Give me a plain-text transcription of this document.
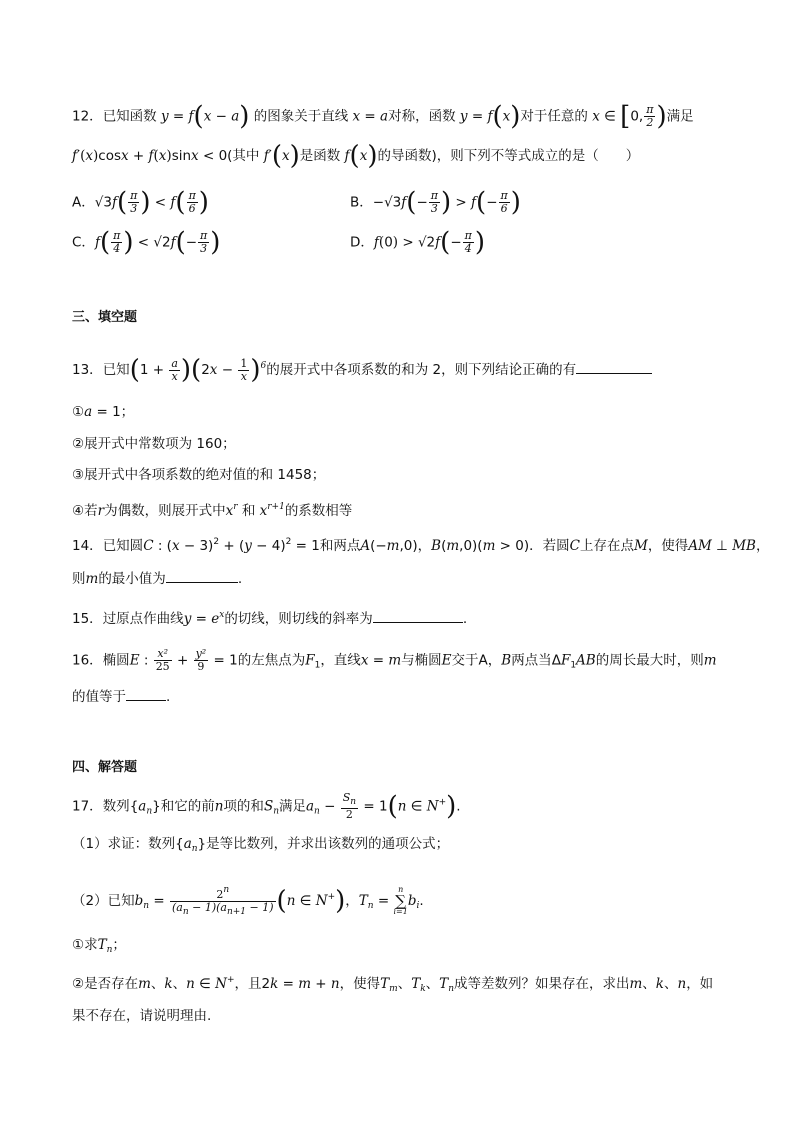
12．已知函数 y = f(x − a) 的图象关于直线 x = a对称，函数 y = f(x)对于任意的 x ∈ [0, $\frac{\pi}{2}$ )满足
f′(x)cosx + f(x)sinx < 0(其中 f′(x)是函数 f(x)的导函数)，则下列不等式成立的是（　　）
A．$√3f( \frac{\pi}{3}$ ) < $f( \frac{\pi}{6}$ )	B．$-√3f(- \frac{\pi}{3}$ ) > $f(- \frac{\pi}{6}$ )
C．$f( \frac{\pi}{4}$ ) < $√2f(- \frac{\pi}{3}$ )	D．$f(0) > √2f(- \frac{\pi}{4}$ )
三、填空题
13．已知$(1 + \frac{a}{x} )(2x - \frac{1}{x} )^6$的展开式中各项系数的和为 2，则下列结论正确的有
①a = 1；
②展开式中常数项为 160；
③展开式中各项系数的绝对值的和 1458；
④若r为偶数，则展开式中$x^r$ 和 $x^{r+1}$的系数相等
14．已知圆C : $(x - 3)^2 + (y - 4)^2 = 1$和两点A(−m,0)，B(m,0)(m > 0)．若圆C上存在点M，使得AM ⊥ MB，
则m的最小值为	.
15．过原点作曲线$y = e^x$的切线，则切线的斜率为	.
16．椭圆E : $\frac{\text{x²}}{25} + \frac{\text{y²}}{9} = 1$的左焦点为$F_1$，直线x = m与椭圆E交于A，B两点当$\Delta F_1AB$的周长最大时，则m
的值等于	.
四、解答题
17．数列$\{a_n\}$和它的前n项的和$S_n$满足$a_n - \frac{S_n}{2} = 1(n$ ∈ N+).
（1）求证：数列$\{a_n\}$是等比数列，并求出该数列的通项公式；
（2）已知$b_n = \frac{2^n}{(a_n - 1)(a_{n+1} - 1)} (n$ ∈ N+)，$T_n$ =
n
∑
i=1
$b_i$.
①求$T_n$；
②是否存在m、k、n ∈ N+，且2k = m + n，使得$T_m$、$T_k$、$T_n$成等差数列？如果存在，求出m、k、n，如
果不存在，请说明理由.
